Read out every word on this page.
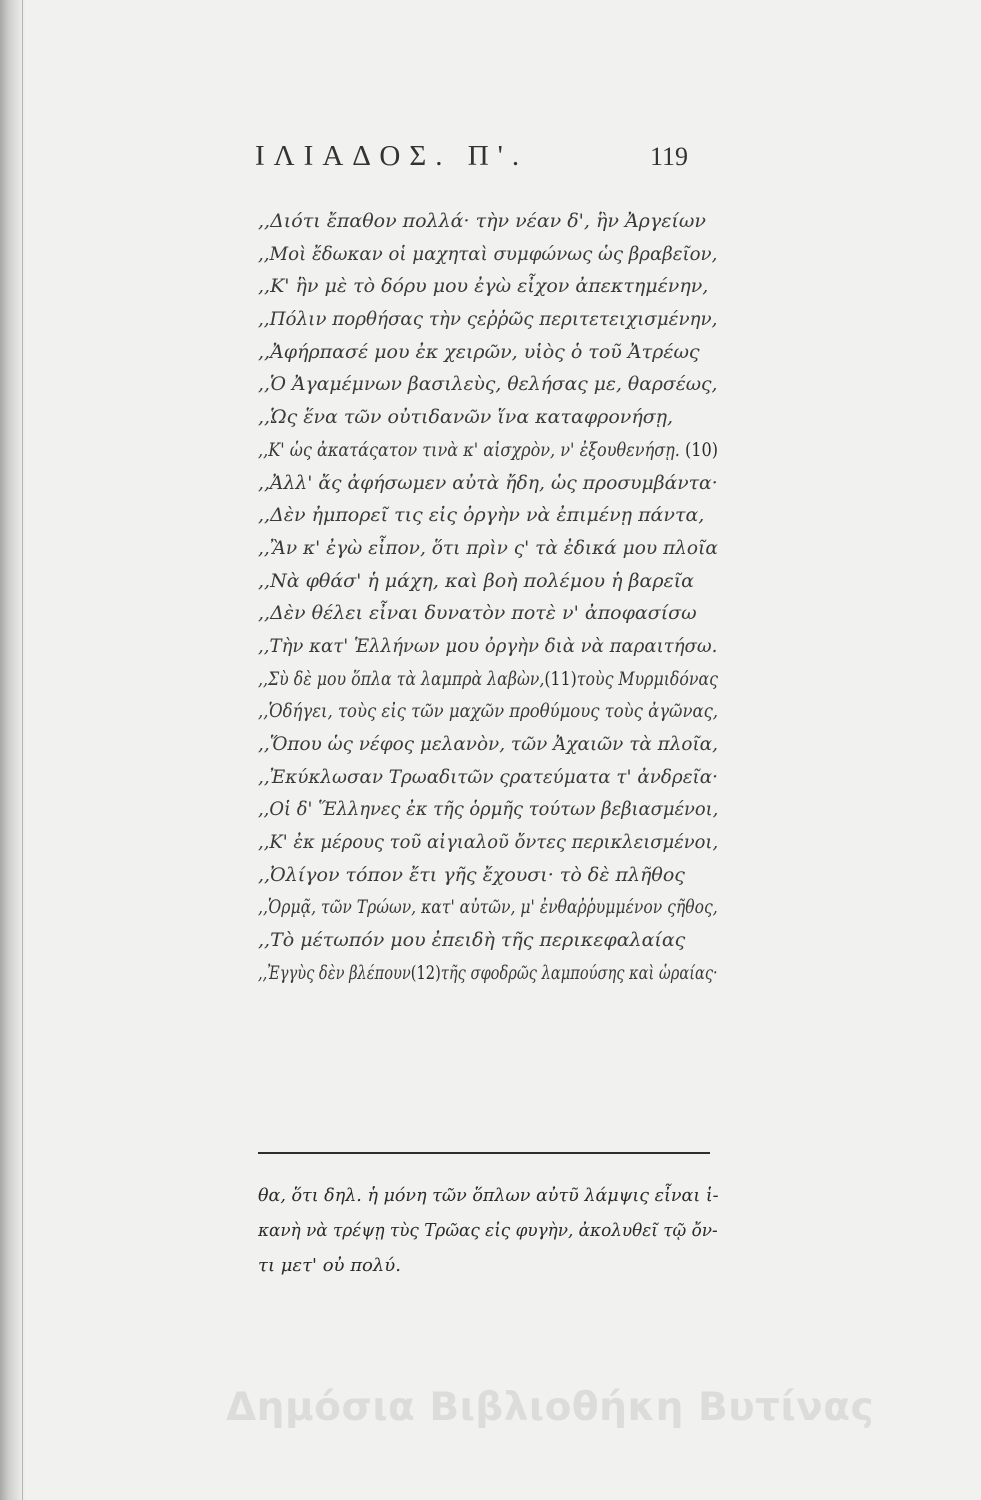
ΙΛΙΑΔΟΣ. Π'.	119
,,Διότι ἔπαθον πολλά· τὴν νέαν δ', ἣν Ἀργείων
,,Μοὶ ἔδωκαν οἱ μαχηταὶ συμφώνως ὡς βραβεῖον,
,,Κ' ἣν μὲ τὸ δόρυ μου ἐγὼ εἶχον ἀπεκτημένην,
,,Πόλιν πορθήσας τὴν ςεῤῥῶς περιτετειχισμένην,
,,Ἀφήρπασέ μου ἐκ χειρῶν, υἱὸς ὁ τοῦ Ἀτρέως
,,Ὁ Ἀγαμέμνων βασιλεὺς, θελήσας με, θαρσέως,
,,Ὡς ἕνα τῶν οὐτιδανῶν ἵνα καταφρονήσῃ,
,,Κ' ὡς ἀκατάςατον τινὰ κ' αἰσχρὸν, ν' ἐξουθενήσῃ. (10)
,,Ἀλλ' ἄς ἀφήσωμεν αὐτὰ ἤδη, ὡς προσυμβάντα·
,,Δὲν ἠμπορεῖ τις εἰς ὀργὴν νὰ ἐπιμένῃ πάντα,
,,Ἂν κ' ἐγὼ εἶπον, ὅτι πρὶν ς' τὰ ἐδικά μου πλοῖα
,,Νὰ φθάσ' ἡ μάχη, καὶ βοὴ πολέμου ἡ βαρεῖα
,,Δὲν θέλει εἶναι δυνατὸν ποτὲ ν' ἀποφασίσω
,,Τὴν κατ' Ἑλλήνων μου ὀργὴν διὰ νὰ παραιτήσω.
,,Σὺ δὲ μου ὅπλα τὰ λαμπρὰ λαβὼν,(11)τοὺς Μυρμιδόνας
,,Ὁδήγει, τοὺς εἰς τῶν μαχῶν προθύμους τοὺς ἀγῶνας,
,,Ὅπου ὡς νέφος μελανὸν, τῶν Ἀχαιῶν τὰ πλοῖα,
,,Ἐκύκλωσαν Τρωαδιτῶν ςρατεύματα τ' ἀνδρεῖα·
,,Οἱ δ' Ἕλληνες ἐκ τῆς ὁρμῆς τούτων βεβιασμένοι,
,,Κ' ἐκ μέρους τοῦ αἰγιαλοῦ ὄντες περικλεισμένοι,
,,Ὀλίγον τόπον ἔτι γῆς ἔχουσι· τὸ δὲ πλῆθος
,,Ὁρμᾷ, τῶν Τρώων, κατ' αὐτῶν, μ' ἐνθαῤῥυμμένον ςῆθος,
,,Τὸ μέτωπόν μου ἐπειδὴ τῆς περικεφαλαίας
,,Ἐγγὺς δὲν βλέπουν(12)τῆς σφοδρῶς λαμπούσης καὶ ὡραίας·
θα, ὅτι δηλ. ἡ μόνη τῶν ὅπλων αὐτῦ λάμψις εἶναι ἱ-
κανὴ νὰ τρέψῃ τὺς Τρῶας εἰς φυγὴν, ἀκολυθεῖ τῷ ὄν-
τι μετ' οὐ πολύ.
Δημόσια Βιβλιοθήκη Βυτίνας
